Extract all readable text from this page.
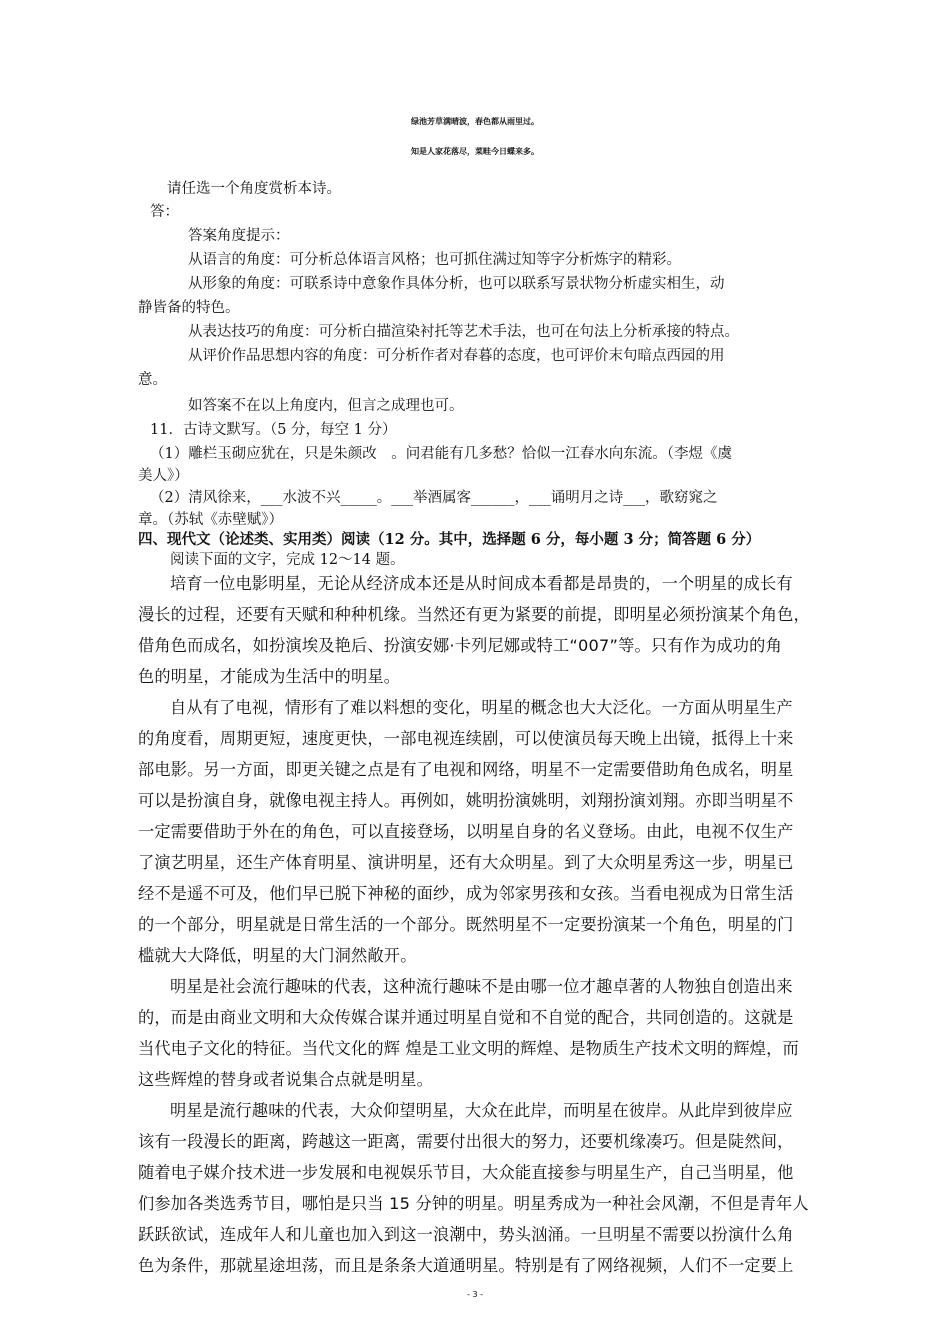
绿池芳草满晴波，春色都从雨里过。
知是人家花落尽，菜畦今日蝶来多。
请任选一个角度赏析本诗。
答：
答案角度提示：
从语言的角度：可分析总体语言风格；也可抓住满过知等字分析炼字的精彩。
从形象的角度：可联系诗中意象作具体分析，也可以联系写景状物分析虚实相生，动
静皆备的特色。
从表达技巧的角度：可分析白描渲染衬托等艺术手法，也可在句法上分析承接的特点。
从评价作品思想内容的角度：可分析作者对春暮的态度，也可评价末句暗点西园的用
意。
如答案不在以上角度内，但言之成理也可。
11．古诗文默写。（5 分，每空 1 分）
（1）雕栏玉砌应犹在，只是朱颜改　。问君能有几多愁？恰似一江春水向东流。（李煜《虞
美人》）
（2）清风徐来，___水波不兴_____。___举酒属客______，___诵明月之诗___，歌窈窕之
章。（苏轼《赤壁赋》）
四、现代文（论述类、实用类）阅读（12 分。其中，选择题 6 分，每小题 3 分；简答题 6 分）
阅读下面的文字，完成 12～14 题。
培育一位电影明星，无论从经济成本还是从时间成本看都是昂贵的，一个明星的成长有
漫长的过程，还要有天赋和种种机缘。当然还有更为紧要的前提，即明星必须扮演某个角色，
借角色而成名，如扮演埃及艳后、扮演安娜·卡列尼娜或特工“007”等。只有作为成功的角
色的明星，才能成为生活中的明星。
自从有了电视，情形有了难以料想的变化，明星的概念也大大泛化。一方面从明星生产
的角度看，周期更短，速度更快，一部电视连续剧，可以使演员每天晚上出镜，抵得上十来
部电影。另一方面，即更关键之点是有了电视和网络，明星不一定需要借助角色成名，明星
可以是扮演自身，就像电视主持人。再例如，姚明扮演姚明，刘翔扮演刘翔。亦即当明星不
一定需要借助于外在的角色，可以直接登场，以明星自身的名义登场。由此，电视不仅生产
了演艺明星，还生产体育明星、演讲明星，还有大众明星。到了大众明星秀这一步，明星已
经不是遥不可及，他们早已脱下神秘的面纱，成为邻家男孩和女孩。当看电视成为日常生活
的一个部分，明星就是日常生活的一个部分。既然明星不一定要扮演某一个角色，明星的门
槛就大大降低，明星的大门洞然敞开。
明星是社会流行趣味的代表，这种流行趣味不是由哪一位才趣卓著的人物独自创造出来
的，而是由商业文明和大众传媒合谋并通过明星自觉和不自觉的配合，共同创造的。这就是
当代电子文化的特征。当代文化的辉 煌是工业文明的辉煌、是物质生产技术文明的辉煌，而
这些辉煌的替身或者说集合点就是明星。
明星是流行趣味的代表，大众仰望明星，大众在此岸，而明星在彼岸。从此岸到彼岸应
该有一段漫长的距离，跨越这一距离，需要付出很大的努力，还要机缘凑巧。但是陡然间，
随着电子媒介技术进一步发展和电视娱乐节目，大众能直接参与明星生产，自己当明星，他
们参加各类选秀节目，哪怕是只当 15 分钟的明星。明星秀成为一种社会风潮，不但是青年人
跃跃欲试，连成年人和儿童也加入到这一浪潮中，势头汹涌。一旦明星不需要以扮演什么角
色为条件，那就星途坦荡，而且是条条大道通明星。特别是有了网络视频，人们不一定要上
- 3 -
